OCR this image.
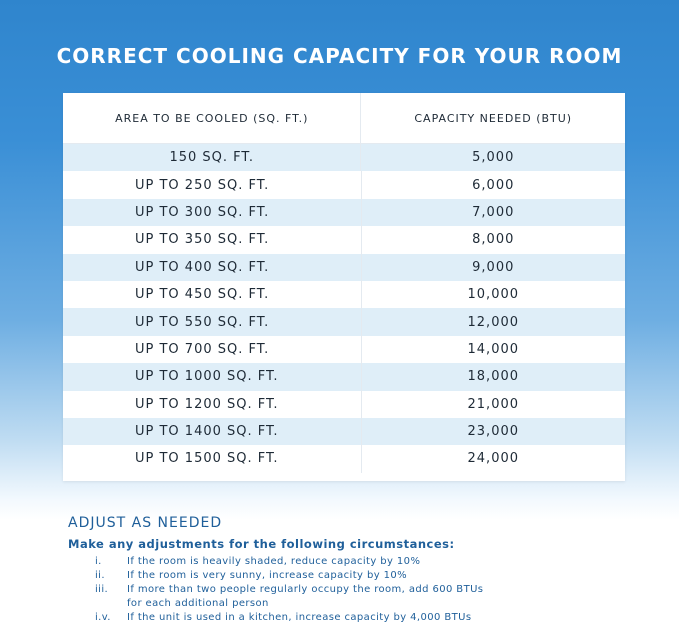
CORRECT COOLING CAPACITY FOR YOUR ROOM
AREA TO BE COOLED (SQ. FT.)	CAPACITY NEEDED (BTU)
150 SQ. FT.	5,000
UP TO 250 SQ. FT.	6,000
UP TO 300 SQ. FT.	7,000
UP TO 350 SQ. FT.	8,000
UP TO 400 SQ. FT.	9,000
UP TO 450 SQ. FT.	10,000
UP TO 550 SQ. FT.	12,000
UP TO 700 SQ. FT.	14,000
UP TO 1000 SQ. FT.	18,000
UP TO 1200 SQ. FT.	21,000
UP TO 1400 SQ. FT.	23,000
UP TO 1500 SQ. FT.	24,000
ADJUST AS NEEDED
Make any adjustments for the following circumstances:
i.	If the room is heavily shaded, reduce capacity by 10%
ii.	If the room is very sunny, increase capacity by 10%
iii.	If more than two people regularly occupy the room, add 600 BTUs for each additional person
i.v.	If the unit is used in a kitchen, increase capacity by 4,000 BTUs
